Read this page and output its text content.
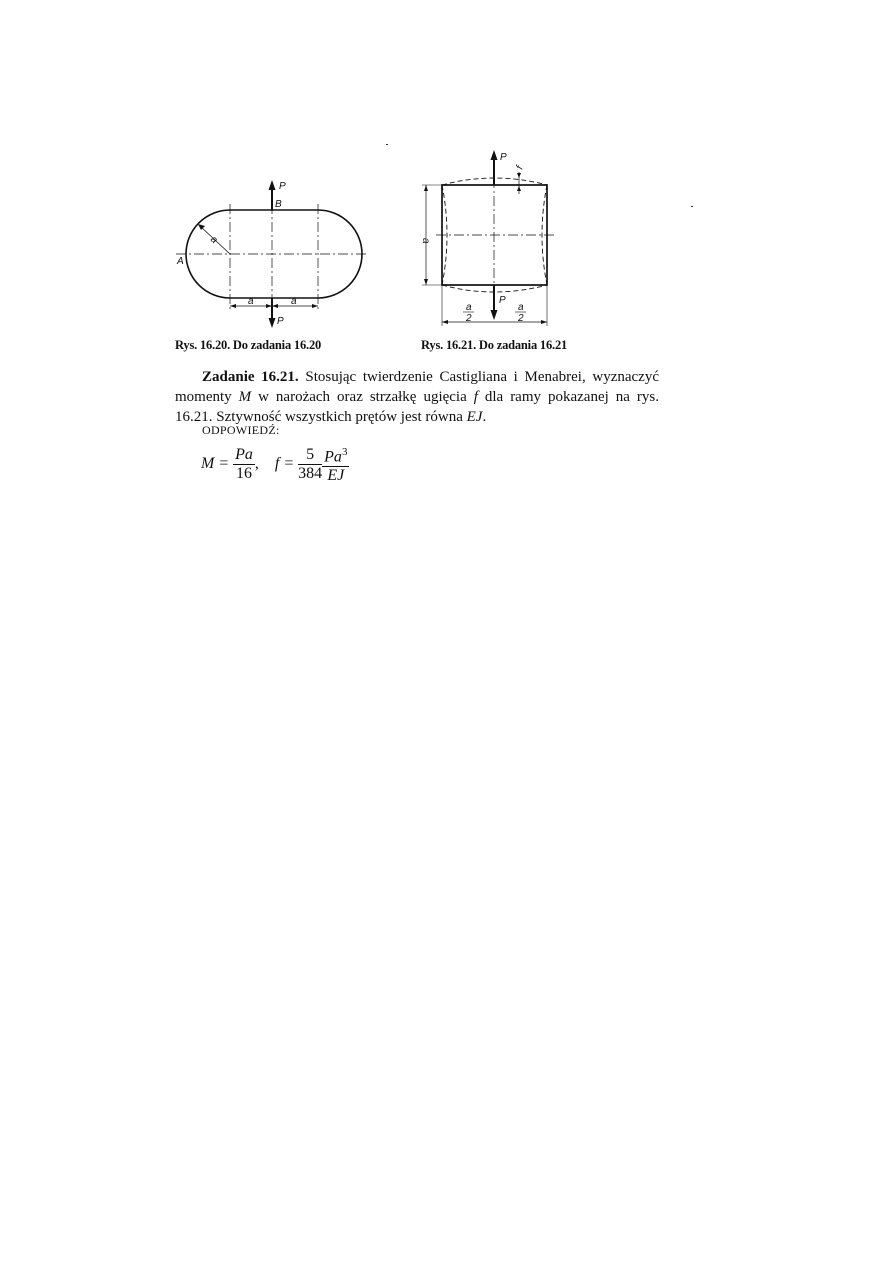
P
B
P
a
A
a	a
Rys. 16.20. Do zadania 16.20
P
f
a
P
a
2
a
2
Rys. 16.21. Do zadania 16.21

Zadanie 16.21. Stosując twierdzenie Castigliana i Menabrei, wyznaczyć momenty M w narożach oraz strzałkę ugięcia f dla ramy pokazanej na rys. 16.21. Sztywność wszystkich prętów jest równa EJ.

ODPOWIEDŹ:
$M = \frac{Pa}{16}$ , $f = \frac{5}{384} \frac{Pa^3}{EJ}$
